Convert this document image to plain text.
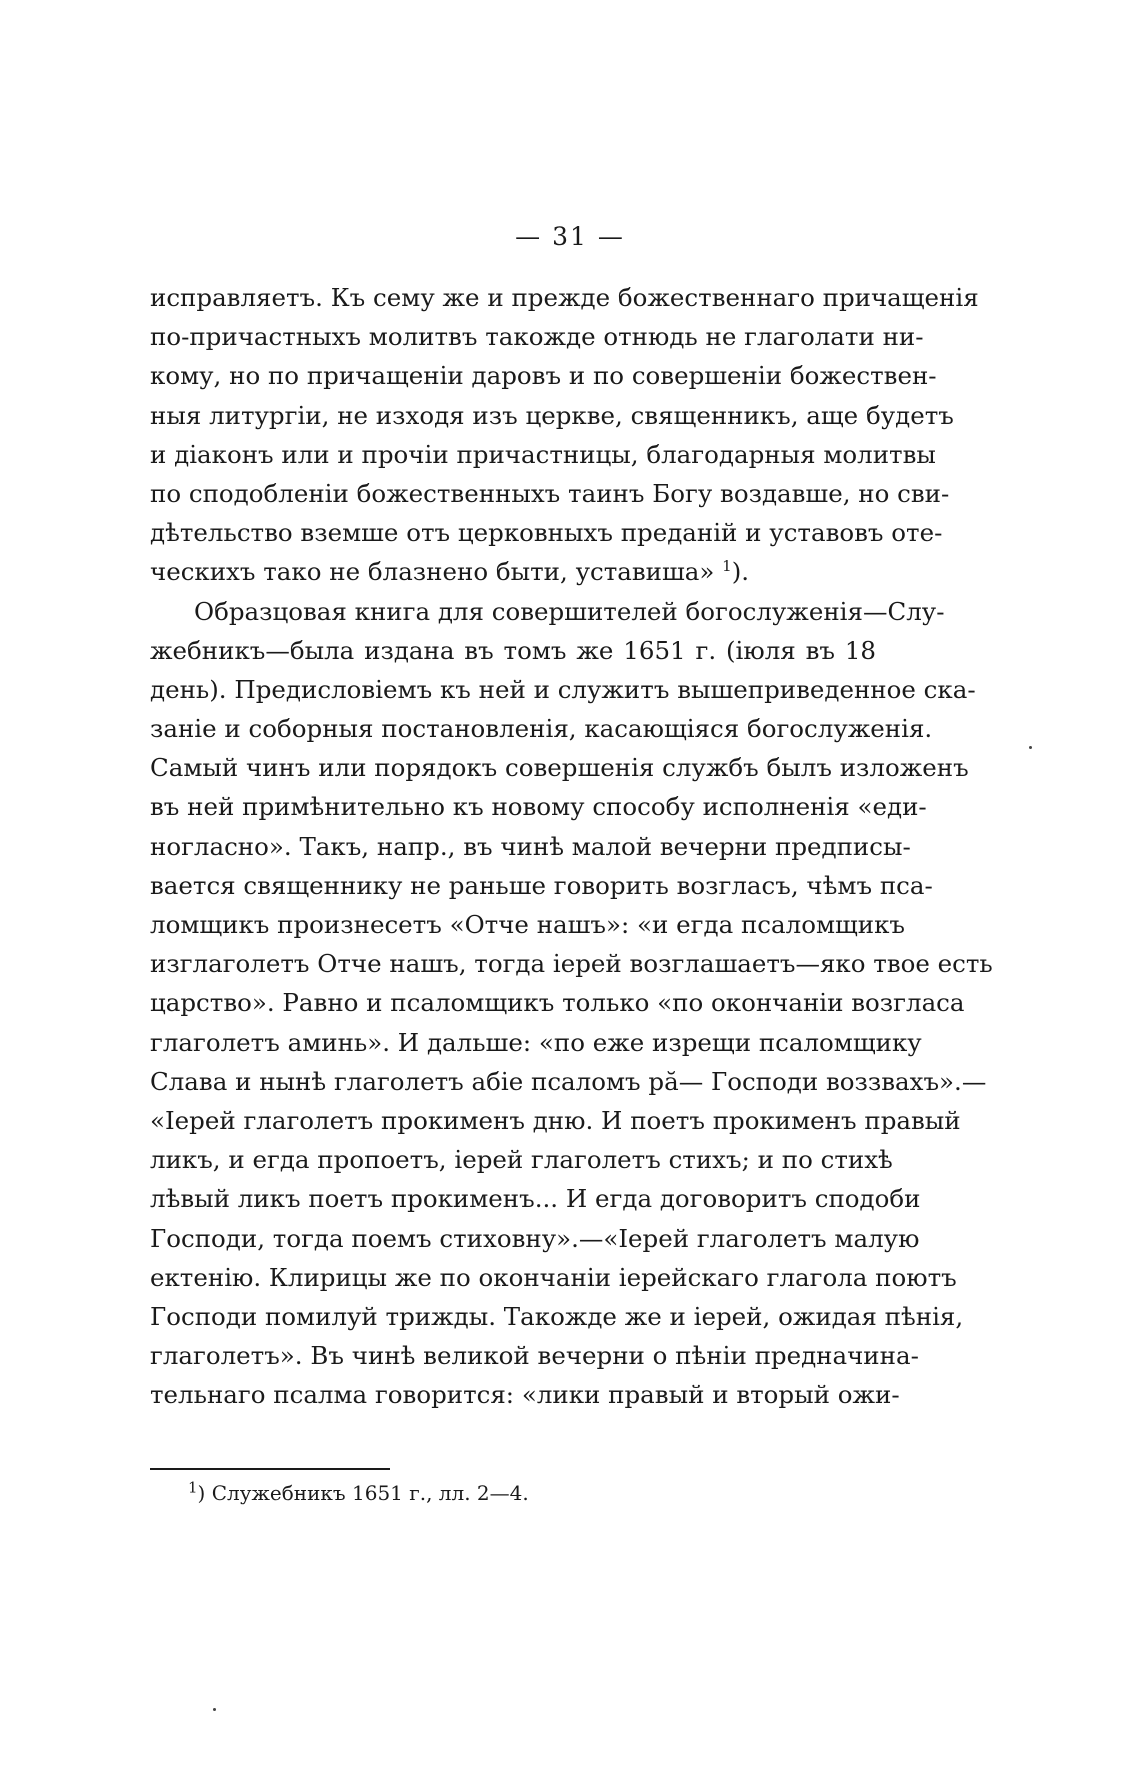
— 31 —
исправляетъ. Къ сему же и прежде божественнаго причащенія
по-причастныхъ молитвъ такожде отнюдь не глаголати ни-
кому, но по причащеніи даровъ и по совершеніи божествен-
ныя литургіи, не изходя изъ церкве, священникъ, аще будетъ
и діаконъ или и прочіи причастницы, благодарныя молитвы
по сподобленіи божественныхъ таинъ Богу воздавше, но сви-
дѣтельство вземше отъ церковныхъ преданій и уставовъ оте-
ческихъ тако не блазнено быти, уставиша» $^1$).
Образцовая книга для совершителей богослуженія—Слу-
жебникъ—была издана въ томъ же 1651 г. (іюля въ 18
день). Предисловіемъ къ ней и служитъ вышеприведенное ска-
заніе и соборныя постановленія, касающіяся богослуженія.
Самый чинъ или порядокъ совершенія службъ былъ изложенъ
въ ней примѣнительно къ новому способу исполненія «еди-
ногласно». Такъ, напр., въ чинѣ малой вечерни предписы-
вается священнику не раньше говорить возгласъ, чѣмъ пса-
ломщикъ произнесетъ «Отче нашъ»: «и егда псаломщикъ
изглаголетъ Отче нашъ, тогда іерей возглашаетъ—яко твое есть
царство». Равно и псаломщикъ только «по окончаніи возгласа
глаголетъ аминь». И дальше: «по еже изрещи псаломщику
Слава и нынѣ глаголетъ абіе псаломъ рӑ— Господи воззвахъ».—
«Іерей глаголетъ прокименъ дню. И поетъ прокименъ правый
ликъ, и егда пропоетъ, іерей глаголетъ стихъ; и по стихѣ
лѣвый ликъ поетъ прокименъ... И егда договоритъ сподоби
Господи, тогда поемъ стиховну».—«Іерей глаголетъ малую
ектенію. Клирицы же по окончаніи іерейскаго глагола поютъ
Господи помилуй трижды. Такожде же и іерей, ожидая пѣнія,
глаголетъ». Въ чинѣ великой вечерни о пѣніи предначина-
тельнаго псалма говорится: «лики правый и вторый ожи-
$^1$) Служебникъ 1651 г., лл. 2—4.
